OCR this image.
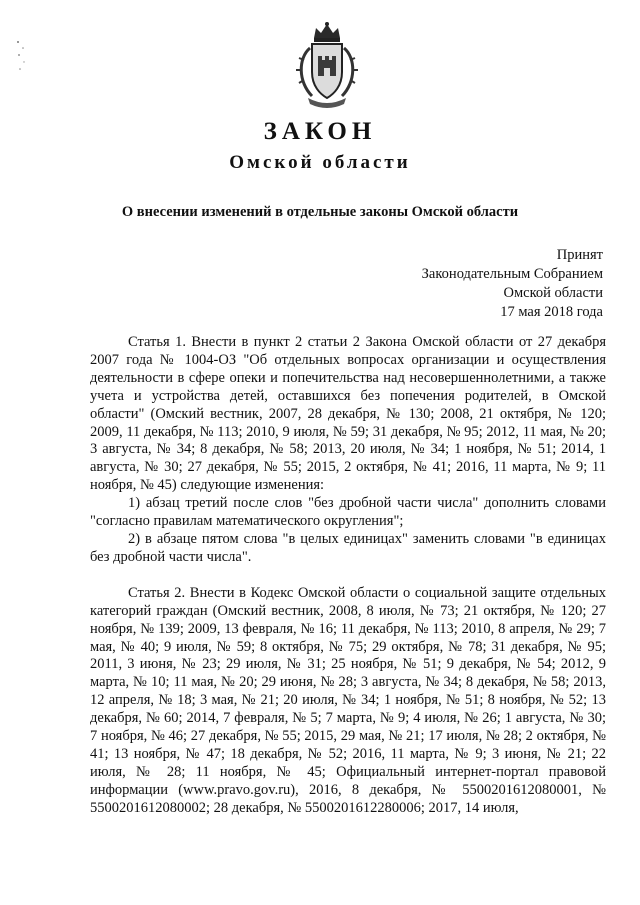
ЗАКОН
Омской области
О внесении изменений в отдельные законы Омской области
Принят
Законодательным Собранием
Омской области
17 мая 2018 года

Статья 1. Внести в пункт 2 статьи 2 Закона Омской области от 27 декабря 2007 года № 1004-ОЗ "Об отдельных вопросах организации и осуществления деятельности в сфере опеки и попечительства над несовершеннолетними, а также учета и устройства детей, оставшихся без попечения родителей, в Омской области" (Омский вестник, 2007, 28 декабря, № 130; 2008, 21 октября, № 120; 2009, 11 декабря, № 113; 2010, 9 июля, № 59; 31 декабря, № 95; 2012, 11 мая, № 20; 3 августа, № 34; 8 декабря, № 58; 2013, 20 июля, № 34; 1 ноября, № 51; 2014, 1 августа, № 30; 27 декабря, № 55; 2015, 2 октября, № 41; 2016, 11 марта, № 9; 11 ноября, № 45) следующие изменения:

1) абзац третий после слов "без дробной части числа" дополнить словами "согласно правилам математического округления";

2) в абзаце пятом слова "в целых единицах" заменить словами "в единицах без дробной части числа".

Статья 2. Внести в Кодекс Омской области о социальной защите отдельных категорий граждан (Омский вестник, 2008, 8 июля, № 73; 21 октября, № 120; 27 ноября, № 139; 2009, 13 февраля, № 16; 11 декабря, № 113; 2010, 8 апреля, № 29; 7 мая, № 40; 9 июля, № 59; 8 октября, № 75; 29 октября, № 78; 31 декабря, № 95; 2011, 3 июня, № 23; 29 июля, № 31; 25 ноября, № 51; 9 декабря, № 54; 2012, 9 марта, № 10; 11 мая, № 20; 29 июня, № 28; 3 августа, № 34; 8 декабря, № 58; 2013, 12 апреля, № 18; 3 мая, № 21; 20 июля, № 34; 1 ноября, № 51; 8 ноября, № 52; 13 декабря, № 60; 2014, 7 февраля, № 5; 7 марта, № 9; 4 июля, № 26; 1 августа, № 30; 7 ноября, № 46; 27 декабря, № 55; 2015, 29 мая, № 21; 17 июля, № 28; 2 октября, № 41; 13 ноября, № 47; 18 декабря, № 52; 2016, 11 марта, № 9; 3 июня, № 21; 22 июля, № 28; 11 ноября, № 45; Официальный интернет-портал правовой информации (www.pravo.gov.ru), 2016, 8 декабря, № 5500201612080001, № 5500201612080002; 28 декабря, № 5500201612280006; 2017, 14 июля,
